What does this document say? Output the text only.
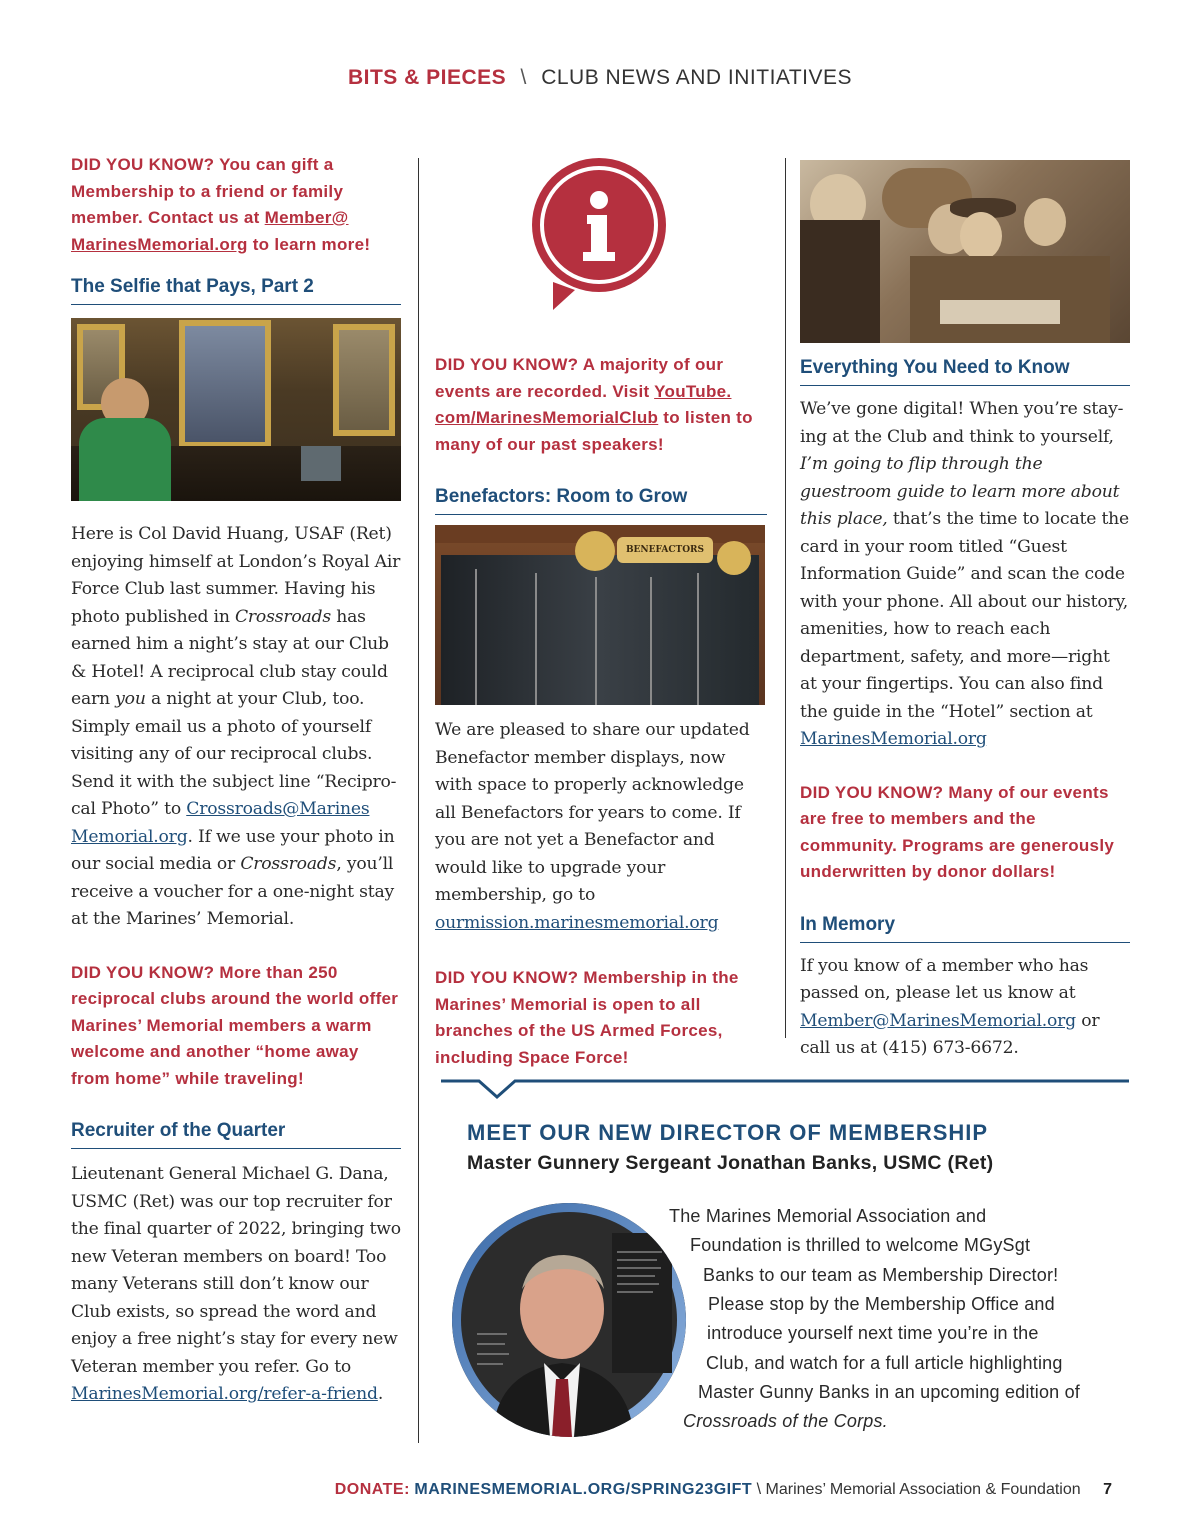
BITS & PIECES \ CLUB NEWS AND INITIATIVES

DID YOU KNOW? You can gift a Membership to a friend or family member. Contact us at Member@ MarinesMemorial.org to learn more!

The Selfie that Pays, Part 2

Here is Col David Huang, USAF (Ret) enjoying himself at London’s Royal Air Force Club last summer. Having his photo published in Crossroads has earned him a night’s stay at our Club & Hotel! A reciprocal club stay could earn you a night at your Club, too. Simply email us a photo of yourself visiting any of our reciprocal clubs. Send it with the subject line “Recipro-cal Photo” to Crossroads@Marines Memorial.org. If we use your photo in our social media or Crossroads, you’ll receive a voucher for a one-night stay at the Marines’ Memorial.

DID YOU KNOW? More than 250 reciprocal clubs around the world offer Marines’ Memorial members a warm welcome and another “home away from home” while traveling!

Recruiter of the Quarter

Lieutenant General Michael G. Dana, USMC (Ret) was our top recruiter for the final quarter of 2022, bringing two new Veteran members on board! Too many Veterans still don’t know our Club exists, so spread the word and enjoy a free night’s stay for every new Veteran member you refer. Go to MarinesMemorial.org/refer-a-friend.

DID YOU KNOW? A majority of our events are recorded. Visit YouTube. com/MarinesMemorialClub to listen to many of our past speakers!

Benefactors: Room to Grow
BENEFACTORS

We are pleased to share our updated Benefactor member displays, now with space to properly acknowledge all Benefactors for years to come. If you are not yet a Benefactor and would like to upgrade your membership, go to ourmission.marinesmemorial.org

DID YOU KNOW? Membership in the Marines’ Memorial is open to all branches of the US Armed Forces, including Space Force!

Everything You Need to Know

We’ve gone digital! When you’re stay-ing at the Club and think to yourself, I’m going to flip through the guestroom guide to learn more about this place, that’s the time to locate the card in your room titled “Guest Information Guide” and scan the code with your phone. All about our history, amenities, how to reach each department, safety, and more—right at your fingertips. You can also find the guide in the “Hotel” section at MarinesMemorial.org

DID YOU KNOW? Many of our events are free to members and the community. Programs are generously underwritten by donor dollars!

In Memory

If you know of a member who has passed on, please let us know at Member@MarinesMemorial.org or call us at (415) 673-6672.

MEET OUR NEW DIRECTOR OF MEMBERSHIP
Master Gunnery Sergeant Jonathan Banks, USMC (Ret)
The Marines Memorial Association and
Foundation is thrilled to welcome MGySgt
Banks to our team as Membership Director!
Please stop by the Membership Office and
introduce yourself next time you’re in the
Club, and watch for a full article highlighting
Master Gunny Banks in an upcoming edition of
Crossroads of the Corps.
DONATE: MARINESMEMORIAL.ORG/SPRING23GIFT \ Marines’ Memorial Association & Foundation 7
